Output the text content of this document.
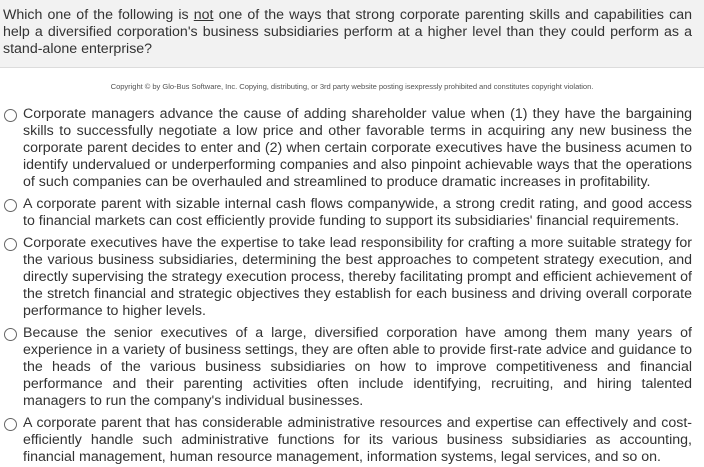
Which one of the following is not one of the ways that strong corporate parenting skills and capabilities can help a diversified corporation's business subsidiaries perform at a higher level than they could perform as a stand-alone enterprise?
Copyright © by Glo-Bus Software, Inc. Copying, distributing, or 3rd party website posting isexpressly prohibited and constitutes copyright violation.
Corporate managers advance the cause of adding shareholder value when (1) they have the bargaining skills to successfully negotiate a low price and other favorable terms in acquiring any new business the corporate parent decides to enter and (2) when certain corporate executives have the business acumen to identify undervalued or underperforming companies and also pinpoint achievable ways that the operations of such companies can be overhauled and streamlined to produce dramatic increases in profitability.
A corporate parent with sizable internal cash flows companywide, a strong credit rating, and good access to financial markets can cost efficiently provide funding to support its subsidiaries' financial requirements.
Corporate executives have the expertise to take lead responsibility for crafting a more suitable strategy for the various business subsidiaries, determining the best approaches to competent strategy execution, and directly supervising the strategy execution process, thereby facilitating prompt and efficient achievement of the stretch financial and strategic objectives they establish for each business and driving overall corporate performance to higher levels.
Because the senior executives of a large, diversified corporation have among them many years of experience in a variety of business settings, they are often able to provide first-rate advice and guidance to the heads of the various business subsidiaries on how to improve competitiveness and financial performance and their parenting activities often include identifying, recruiting, and hiring talented managers to run the company's individual businesses.
A corporate parent that has considerable administrative resources and expertise can effectively and cost-efficiently handle such administrative functions for its various business subsidiaries as accounting, financial management, human resource management, information systems, legal services, and so on.
